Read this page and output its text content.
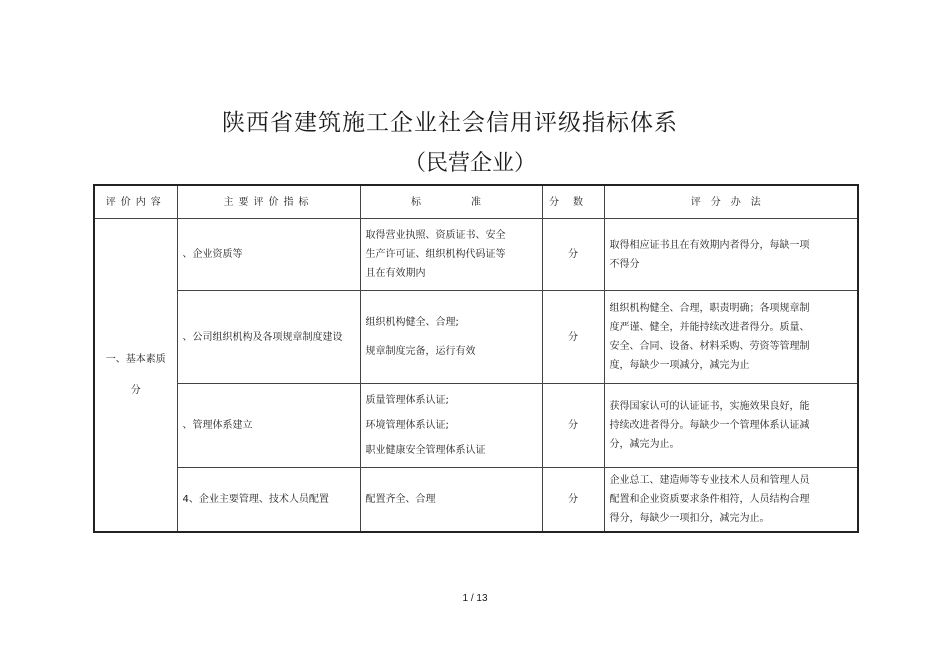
陕西省建筑施工企业社会信用评级指标体系
（民营企业）
评价内容	主要评价指标	标　　准	分数	评分办法

一、基本素质
分	、企业资质等	取得营业执照、资质证书、安全
生产许可证、组织机构代码证等
且在有效期内	分	取得相应证书且在有效期内者得分，每缺一项
不得分

	、公司组织机构及各项规章制度建设	组织机构健全、合理;
规章制度完备，运行有效	分	组织机构健全、合理，职责明确；各项规章制
度严谨、健全，并能持续改进者得分。质量、
安全、合同、设备、材料采购、劳资等管理制
度，每缺少一项减分，减完为止

	、管理体系建立	质量管理体系认证;
环境管理体系认证;
职业健康安全管理体系认证	分	获得国家认可的认证证书，实施效果良好，能
持续改进者得分。每缺少一个管理体系认证减
分，减完为止。

	4、企业主要管理、技术人员配置	配置齐全、合理	分	企业总工、建造师等专业技术人员和管理人员
配置和企业资质要求条件相符，人员结构合理
得分，每缺少一项扣分，减完为止。
1 / 13
